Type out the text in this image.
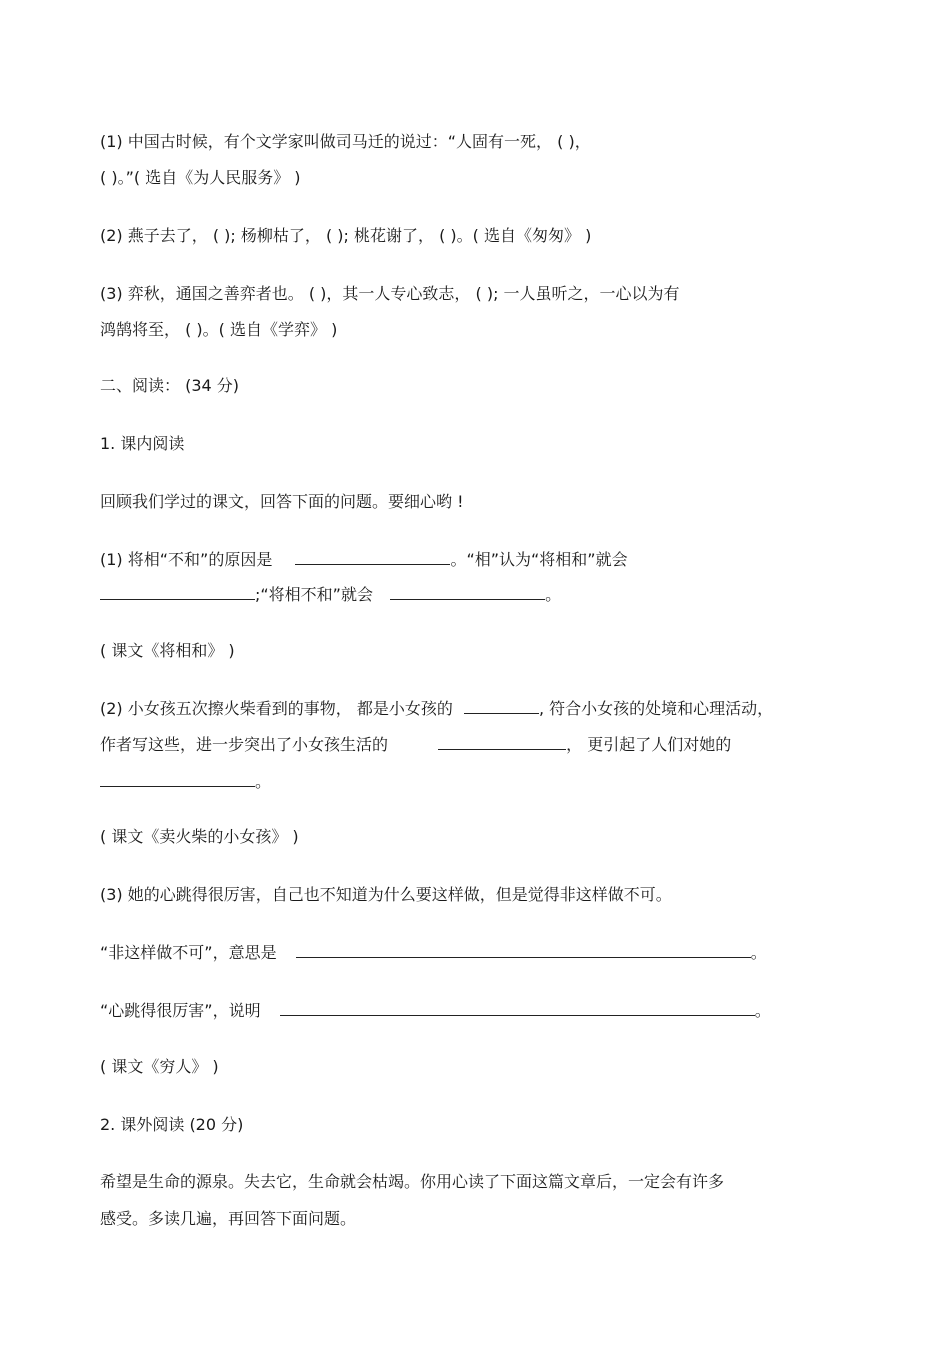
(1) 中国古时候，有个文学家叫做司马迁的说过：“人固有一死， ( )，
( )。”( 选自《为人民服务》 )
(2) 燕子去了， ( ); 杨柳枯了， ( ); 桃花谢了， ( )。( 选自《匆匆》 )
(3) 弈秋，通国之善弈者也。 ( )，其一人专心致志， ( ); 一人虽听之，一心以为有
鸿鹄将至， ( )。( 选自《学弈》 )
二、阅读： (34 分)
1. 课内阅读
回顾我们学过的课文，回答下面的问题。要细心哟 !
(1) 将相“不和”的原因是	。“相”认为“将相和”就会
;“将相不和”就会	。
( 课文《将相和》 )
(2) 小女孩五次擦火柴看到的事物， 都是小女孩的	, 符合小女孩的处境和心理活动，
作者写这些，进一步突出了小女孩生活的	， 更引起了人们对她的
。
( 课文《卖火柴的小女孩》 )
(3) 她的心跳得很厉害，自己也不知道为什么要这样做，但是觉得非这样做不可。
“非这样做不可”，意思是	。
“心跳得很厉害”，说明	。
( 课文《穷人》 )
2. 课外阅读 (20 分)
希望是生命的源泉。失去它，生命就会枯竭。你用心读了下面这篇文章后，一定会有许多
感受。多读几遍，再回答下面问题。
